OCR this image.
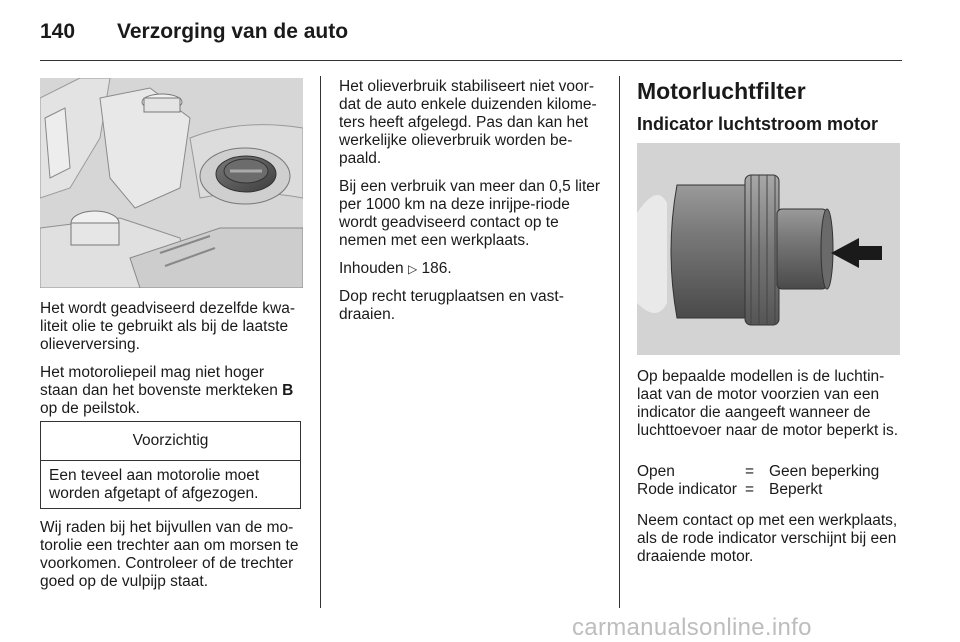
140 Verzorging van de auto

Het wordt geadviseerd dezelfde kwa-liteit olie te gebruikt als bij de laatste olieverversing.

Het motoroliepeil mag niet hoger staan dan het bovenste merkteken B op de peilstok.

Voorzichtig
Een teveel aan motorolie moet worden afgetapt of afgezogen.

Wij raden bij het bijvullen van de mo-torolie een trechter aan om morsen te voorkomen. Controleer of de trechter goed op de vulpijp staat.

Het olieverbruik stabiliseert niet voor-dat de auto enkele duizenden kilome-ters heeft afgelegd. Pas dan kan het werkelijke olieverbruik worden be-paald.

Bij een verbruik van meer dan 0,5 liter per 1000 km na deze inrijpe-riode wordt geadviseerd contact op te nemen met een werkplaats.

Inhouden ▷ 186.

Dop recht terugplaatsen en vast-draaien.

Motorluchtfilter
Indicator luchtstroom motor

Op bepaalde modellen is de luchtin-laat van de motor voorzien van een indicator die aangeeft wanneer de luchttoevoer naar de motor beperkt is.

Open	= Geen beperking
Rode indicator = Beperkt

Neem contact op met een werkplaats, als de rode indicator verschijnt bij een draaiende motor.

carmanualsonline.info
